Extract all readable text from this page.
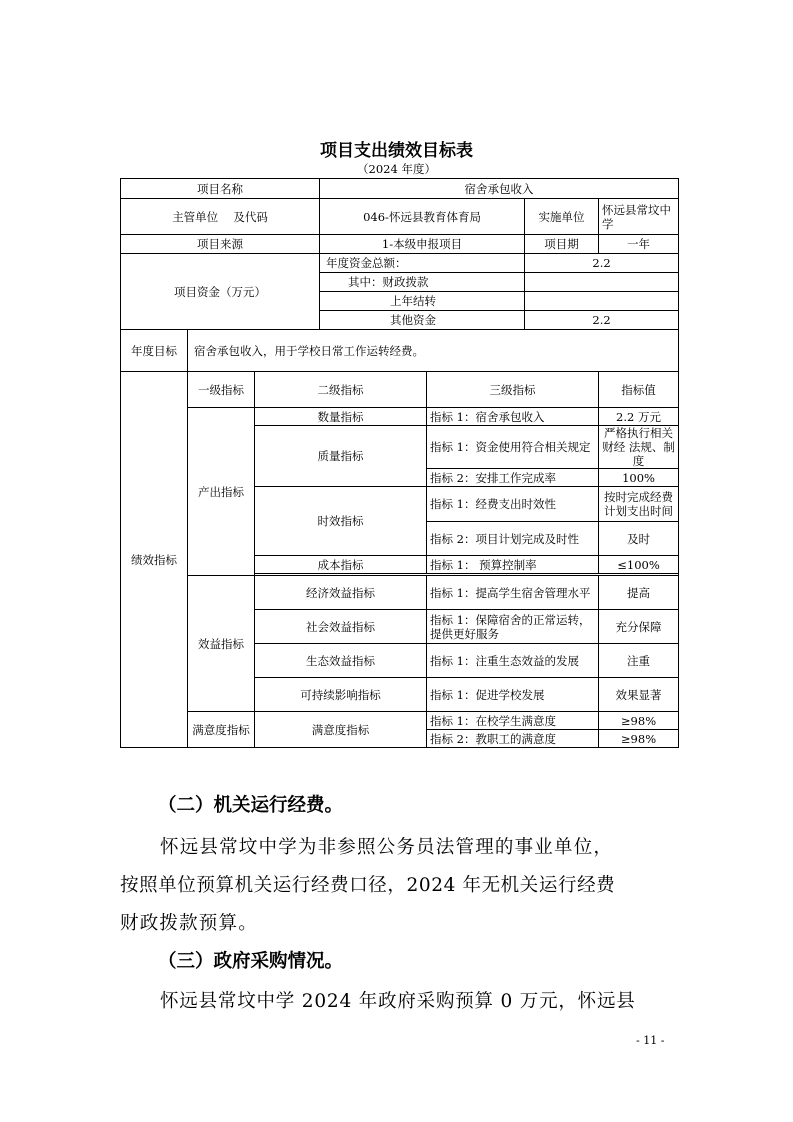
项目支出绩效目标表
（2024 年度）
项目名称			宿舍承包收入			
主管单位　 及代码			046-怀远县教育体育局		实施单位	怀远县常坟中学
项目来源			1-本级申报项目		项目期	一年
项目资金（万元）			年度资金总额：		2.2	
			其中：财政拨款			
			上年结转			
			其他资金		2.2	
年度目标	宿舍承包收入，用于学校日常工作运转经费。					
绩效指标	一级指标	二级指标		三级指标		指标值
	产出指标	数量指标		指标 1：宿舍承包收入		2.2 万元
		质量指标		指标 1：资金使用符合相关规定		严格执行相关财经 法规、制度
				指标 2：安排工作完成率		100%
		时效指标		指标 1：经费支出时效性		按时完成经费计划支出时间
				指标 2：项目计划完成及时性		及时
		成本指标		指标 1： 预算控制率		≤100%

	效益指标	经济效益指标		指标 1：提高学生宿舍管理水平		提高
		社会效益指标		指标 1：保障宿舍的正常运转，提供更好服务		充分保障
		生态效益指标		指标 1：注重生态效益的发展		注重
		可持续影响指标		指标 1：促进学校发展		效果显著
	满意度指标	满意度指标		指标 1：在校学生满意度		≥98%
				指标 2：教职工的满意度		≥98%
（二）机关运行经费。
怀远县常坟中学为非参照公务员法管理的事业单位，
按照单位预算机关运行经费口径，2024 年无机关运行经费
财政拨款预算。
（三）政府采购情况。
怀远县常坟中学 2024 年政府采购预算 0 万元，怀远县
- 11 -
